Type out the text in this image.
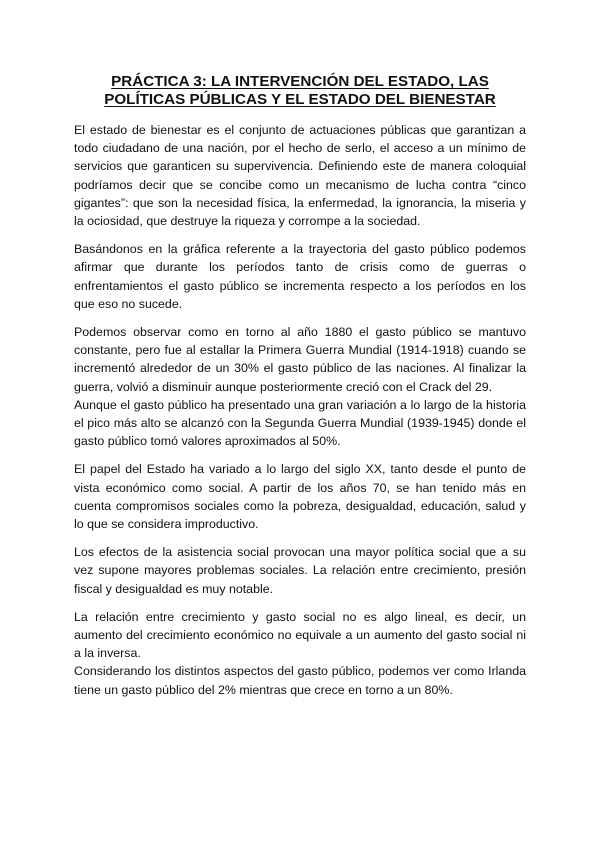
PRÁCTICA 3: LA INTERVENCIÓN DEL ESTADO, LAS
POLÍTICAS PÚBLICAS Y EL ESTADO DEL BIENESTAR

El estado de bienestar es el conjunto de actuaciones públicas que garantizan a todo ciudadano de una nación, por el hecho de serlo, el acceso a un mínimo de servicios que garanticen su supervivencia. Definiendo este de manera coloquial podríamos decir que se concibe como un mecanismo de lucha contra “cinco gigantes”: que son la necesidad física, la enfermedad, la ignorancia, la miseria y la ociosidad, que destruye la riqueza y corrompe a la sociedad.

Basándonos en la gráfica referente a la trayectoria del gasto público podemos afirmar que durante los períodos tanto de crisis como de guerras o enfrentamientos el gasto público se incrementa respecto a los períodos en los que eso no sucede.

Podemos observar como en torno al año 1880 el gasto público se mantuvo constante, pero fue al estallar la Primera Guerra Mundial (1914-1918) cuando se incrementó alrededor de un 30% el gasto público de las naciones. Al finalizar la guerra, volvió a disminuir aunque posteriormente creció con el Crack del 29.

Aunque el gasto público ha presentado una gran variación a lo largo de la historia el pico más alto se alcanzó con la Segunda Guerra Mundial (1939-1945) donde el gasto público tomó valores aproximados al 50%.

El papel del Estado ha variado a lo largo del siglo XX, tanto desde el punto de vista económico como social. A partir de los años 70, se han tenido más en cuenta compromisos sociales como la pobreza, desigualdad, educación, salud y lo que se considera improductivo.

Los efectos de la asistencia social provocan una mayor política social que a su vez supone mayores problemas sociales. La relación entre crecimiento, presión fiscal y desigualdad es muy notable.

La relación entre crecimiento y gasto social no es algo lineal, es decir, un aumento del crecimiento económico no equivale a un aumento del gasto social ni a la inversa.

Considerando los distintos aspectos del gasto público, podemos ver como Irlanda tiene un gasto público del 2% mientras que crece en torno a un 80%.
